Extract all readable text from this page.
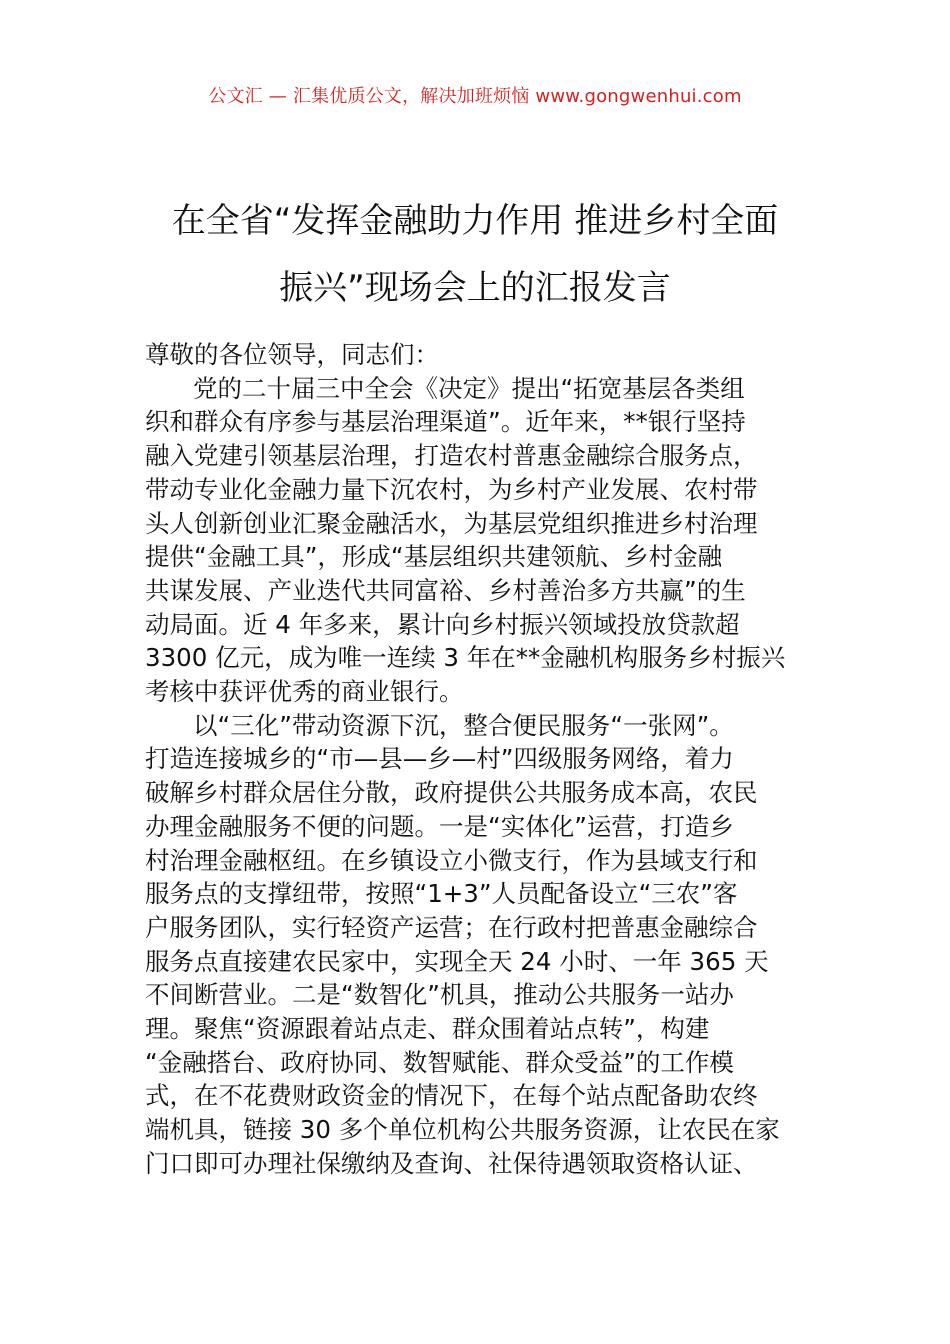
公文汇 — 汇集优质公文，解决加班烦恼 www.gongwenhui.com
在全省“发挥金融助力作用 推进乡村全面
振兴”现场会上的汇报发言
尊敬的各位领导，同志们：
党的二十届三中全会《决定》提出“拓宽基层各类组
织和群众有序参与基层治理渠道”。近年来，**银行坚持
融入党建引领基层治理，打造农村普惠金融综合服务点，
带动专业化金融力量下沉农村，为乡村产业发展、农村带
头人创新创业汇聚金融活水，为基层党组织推进乡村治理
提供“金融工具”，形成“基层组织共建领航、乡村金融
共谋发展、产业迭代共同富裕、乡村善治多方共赢”的生
动局面。近 4 年多来，累计向乡村振兴领域投放贷款超
3300 亿元，成为唯一连续 3 年在**金融机构服务乡村振兴
考核中获评优秀的商业银行。
以“三化”带动资源下沉，整合便民服务“一张网”。
打造连接城乡的“市—县—乡—村”四级服务网络，着力
破解乡村群众居住分散，政府提供公共服务成本高，农民
办理金融服务不便的问题。一是“实体化”运营，打造乡
村治理金融枢纽。在乡镇设立小微支行，作为县域支行和
服务点的支撑纽带，按照“1+3”人员配备设立“三农”客
户服务团队，实行轻资产运营；在行政村把普惠金融综合
服务点直接建农民家中，实现全天 24 小时、一年 365 天
不间断营业。二是“数智化”机具，推动公共服务一站办
理。聚焦“资源跟着站点走、群众围着站点转”，构建
“金融搭台、政府协同、数智赋能、群众受益”的工作模
式，在不花费财政资金的情况下，在每个站点配备助农终
端机具，链接 30 多个单位机构公共服务资源，让农民在家
门口即可办理社保缴纳及查询、社保待遇领取资格认证、
